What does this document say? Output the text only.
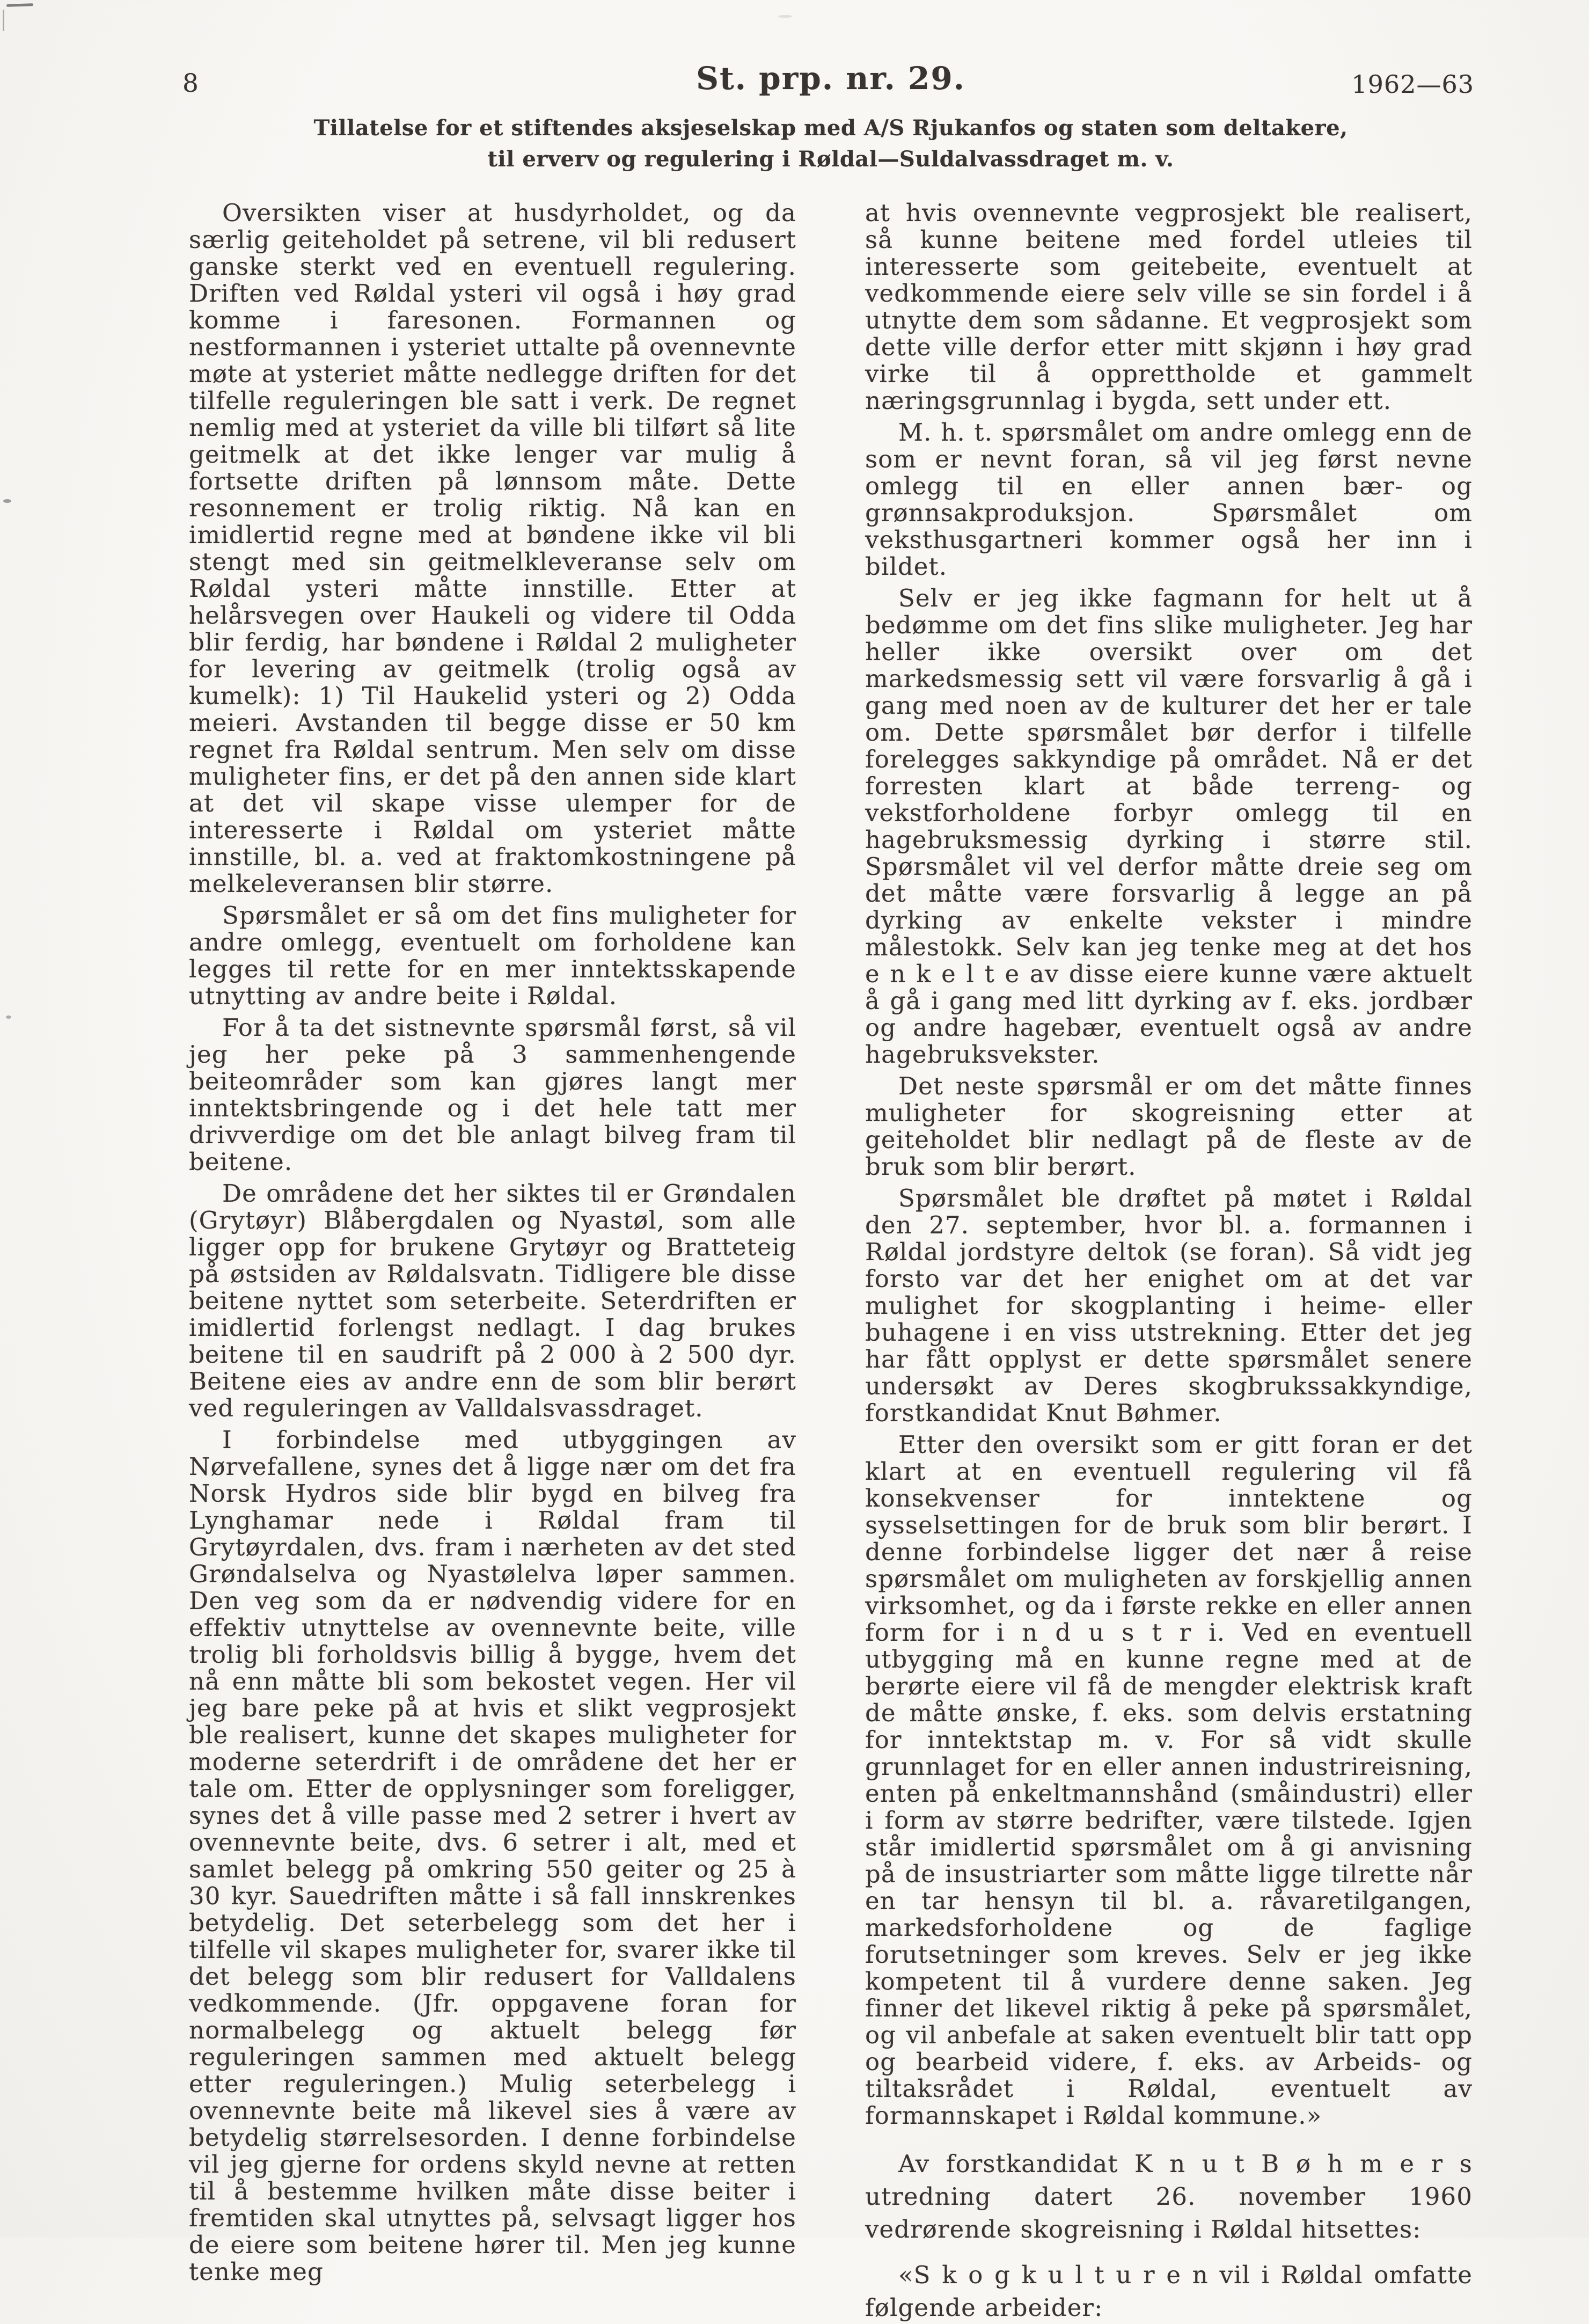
8	St. prp. nr. 29.	1962—63
Tillatelse for et stiftendes aksjeselskap med A/S Rjukanfos og staten som deltakere,
til erverv og regulering i Røldal—Suldalvassdraget m. v.

Oversikten viser at husdyrholdet, og da særlig geiteholdet på setrene, vil bli redusert ganske sterkt ved en eventuell regulering. Driften ved Røldal ysteri vil også i høy grad komme i faresonen. Formannen og nestformannen i ysteriet uttalte på ovennevnte møte at ysteriet måtte nedlegge driften for det tilfelle reguleringen ble satt i verk. De regnet nemlig med at ysteriet da ville bli tilført så lite geitmelk at det ikke lenger var mulig å fortsette driften på lønnsom måte. Dette resonnement er trolig riktig. Nå kan en imidlertid regne med at bøndene ikke vil bli stengt med sin geitmelkleveranse selv om Røldal ysteri måtte innstille. Etter at helårsvegen over Haukeli og videre til Odda blir ferdig, har bøndene i Røldal 2 muligheter for levering av geitmelk (trolig også av kumelk): 1) Til Haukelid ysteri og 2) Odda meieri. Avstanden til begge disse er 50 km regnet fra Røldal sentrum. Men selv om disse muligheter fins, er det på den annen side klart at det vil skape visse ulemper for de interesserte i Røldal om ysteriet måtte innstille, bl. a. ved at fraktomkostningene på melkeleveransen blir større.

Spørsmålet er så om det fins muligheter for andre omlegg, eventuelt om forholdene kan legges til rette for en mer inntektsskapende utnytting av andre beite i Røldal.

For å ta det sistnevnte spørsmål først, så vil jeg her peke på 3 sammenhengende beiteområder som kan gjøres langt mer inntektsbringende og i det hele tatt mer drivverdige om det ble anlagt bilveg fram til beitene.

De områdene det her siktes til er Grøndalen (Grytøyr) Blåbergdalen og Nyastøl, som alle ligger opp for brukene Grytøyr og Bratteteig på østsiden av Røldalsvatn. Tidligere ble disse beitene nyttet som seterbeite. Seterdriften er imidlertid forlengst nedlagt. I dag brukes beitene til en saudrift på 2 000 à 2 500 dyr. Beitene eies av andre enn de som blir berørt ved reguleringen av Valldalsvassdraget.

I forbindelse med utbyggingen av Nørvefallene, synes det å ligge nær om det fra Norsk Hydros side blir bygd en bilveg fra Lynghamar nede i Røldal fram til Grytøyrdalen, dvs. fram i nærheten av det sted Grøndalselva og Nyastølelva løper sammen. Den veg som da er nødvendig videre for en effektiv utnyttelse av ovennevnte beite, ville trolig bli forholdsvis billig å bygge, hvem det nå enn måtte bli som bekostet vegen. Her vil jeg bare peke på at hvis et slikt vegprosjekt ble realisert, kunne det skapes muligheter for moderne seterdrift i de områdene det her er tale om. Etter de opplysninger som foreligger, synes det å ville passe med 2 setrer i hvert av ovennevnte beite, dvs. 6 setrer i alt, med et samlet belegg på omkring 550 geiter og 25 à 30 kyr. Sauedriften måtte i så fall innskrenkes betydelig. Det seterbelegg som det her i tilfelle vil skapes muligheter for, svarer ikke til det belegg som blir redusert for Valldalens vedkommende. (Jfr. oppgavene foran for normalbelegg og aktuelt belegg før reguleringen sammen med aktuelt belegg etter reguleringen.) Mulig seterbelegg i ovennevnte beite må likevel sies å være av betydelig størrelsesorden. I denne forbindelse vil jeg gjerne for ordens skyld nevne at retten til å bestemme hvilken måte disse beiter i fremtiden skal utnyttes på, selvsagt ligger hos de eiere som beitene hører til. Men jeg kunne tenke meg

at hvis ovennevnte vegprosjekt ble realisert, så kunne beitene med fordel utleies til interesserte som geitebeite, eventuelt at vedkommende eiere selv ville se sin fordel i å utnytte dem som sådanne. Et vegprosjekt som dette ville derfor etter mitt skjønn i høy grad virke til å opprettholde et gammelt næringsgrunnlag i bygda, sett under ett.

M. h. t. spørsmålet om andre omlegg enn de som er nevnt foran, så vil jeg først nevne omlegg til en eller annen bær- og grønnsakproduksjon. Spørsmålet om veksthusgartneri kommer også her inn i bildet.

Selv er jeg ikke fagmann for helt ut å bedømme om det fins slike muligheter. Jeg har heller ikke oversikt over om det markedsmessig sett vil være forsvarlig å gå i gang med noen av de kulturer det her er tale om. Dette spørsmålet bør derfor i tilfelle forelegges sakkyndige på området. Nå er det forresten klart at både terreng- og vekstforholdene forbyr omlegg til en hagebruksmessig dyrking i større stil. Spørsmålet vil vel derfor måtte dreie seg om det måtte være forsvarlig å legge an på dyrking av enkelte vekster i mindre målestokk. Selv kan jeg tenke meg at det hos e n k e l t e av disse eiere kunne være aktuelt å gå i gang med litt dyrking av f. eks. jordbær og andre hagebær, eventuelt også av andre hagebruksvekster.

Det neste spørsmål er om det måtte finnes muligheter for skogreisning etter at geiteholdet blir nedlagt på de fleste av de bruk som blir berørt.

Spørsmålet ble drøftet på møtet i Røldal den 27. september, hvor bl. a. formannen i Røldal jordstyre deltok (se foran). Så vidt jeg forsto var det her enighet om at det var mulighet for skogplanting i heime- eller buhagene i en viss utstrekning. Etter det jeg har fått opplyst er dette spørsmålet senere undersøkt av Deres skogbrukssakkyndige, forstkandidat Knut Bøhmer.

Etter den oversikt som er gitt foran er det klart at en eventuell regulering vil få konsekvenser for inntektene og sysselsettingen for de bruk som blir berørt. I denne forbindelse ligger det nær å reise spørsmålet om muligheten av forskjellig annen virksomhet, og da i første rekke en eller annen form for i n d u s t r i. Ved en eventuell utbygging må en kunne regne med at de berørte eiere vil få de mengder elektrisk kraft de måtte ønske, f. eks. som delvis erstatning for inntektstap m. v. For så vidt skulle grunnlaget for en eller annen industrireisning, enten på enkeltmannshånd (småindustri) eller i form av større bedrifter, være tilstede. Igjen står imidlertid spørsmålet om å gi anvisning på de insustriarter som måtte ligge tilrette når en tar hensyn til bl. a. råvaretilgangen, markedsforholdene og de faglige forutsetninger som kreves. Selv er jeg ikke kompetent til å vurdere denne saken. Jeg finner det likevel riktig å peke på spørsmålet, og vil anbefale at saken eventuelt blir tatt opp og bearbeid videre, f. eks. av Arbeids- og tiltaksrådet i Røldal, eventuelt av formannskapet i Røldal kommune.»

Av forstkandidat K n u t B ø h m e r s utredning datert 26. november 1960 vedrørende skogreisning i Røldal hitsettes:

«S k o g k u l t u r e n vil i Røldal omfatte følgende arbeider:
